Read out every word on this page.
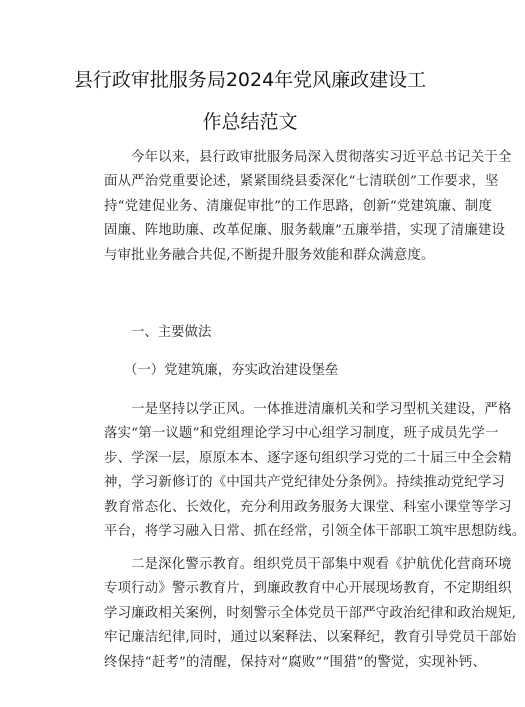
县行政审批服务局2024年党风廉政建设工
作总结范文
今年以来，县行政审批服务局深入贯彻落实习近平总书记关于全
面从严治党重要论述，紧紧围绕县委深化“七清联创”工作要求，坚
持“党建促业务、清廉促审批”的工作思路，创新“党建筑廉、制度
固廉、阵地助廉、改革促廉、服务载廉”五廉举措，实现了清廉建设
与审批业务融合共促,不断提升服务效能和群众满意度。
一、主要做法
（一）党建筑廉，夯实政治建设堡垒
一是坚持以学正风。一体推进清廉机关和学习型机关建设，严格
落实“第一议题”和党组理论学习中心组学习制度，班子成员先学一
步、学深一层，原原本本、逐字逐句组织学习党的二十届三中全会精
神，学习新修订的《中国共产党纪律处分条例》。持续推动党纪学习
教育常态化、长效化，充分利用政务服务大课堂、科室小课堂等学习
平台，将学习融入日常、抓在经常，引领全体干部职工筑牢思想防线。
二是深化警示教育。组织党员干部集中观看《护航优化营商环境
专项行动》警示教育片，到廉政教育中心开展现场教育，不定期组织
学习廉政相关案例，时刻警示全体党员干部严守政治纪律和政治规矩,
牢记廉洁纪律,同时，通过以案释法、以案释纪，教育引导党员干部始
终保持“赶考”的清醒，保持对“腐败”“围猎”的警觉，实现补钙、
